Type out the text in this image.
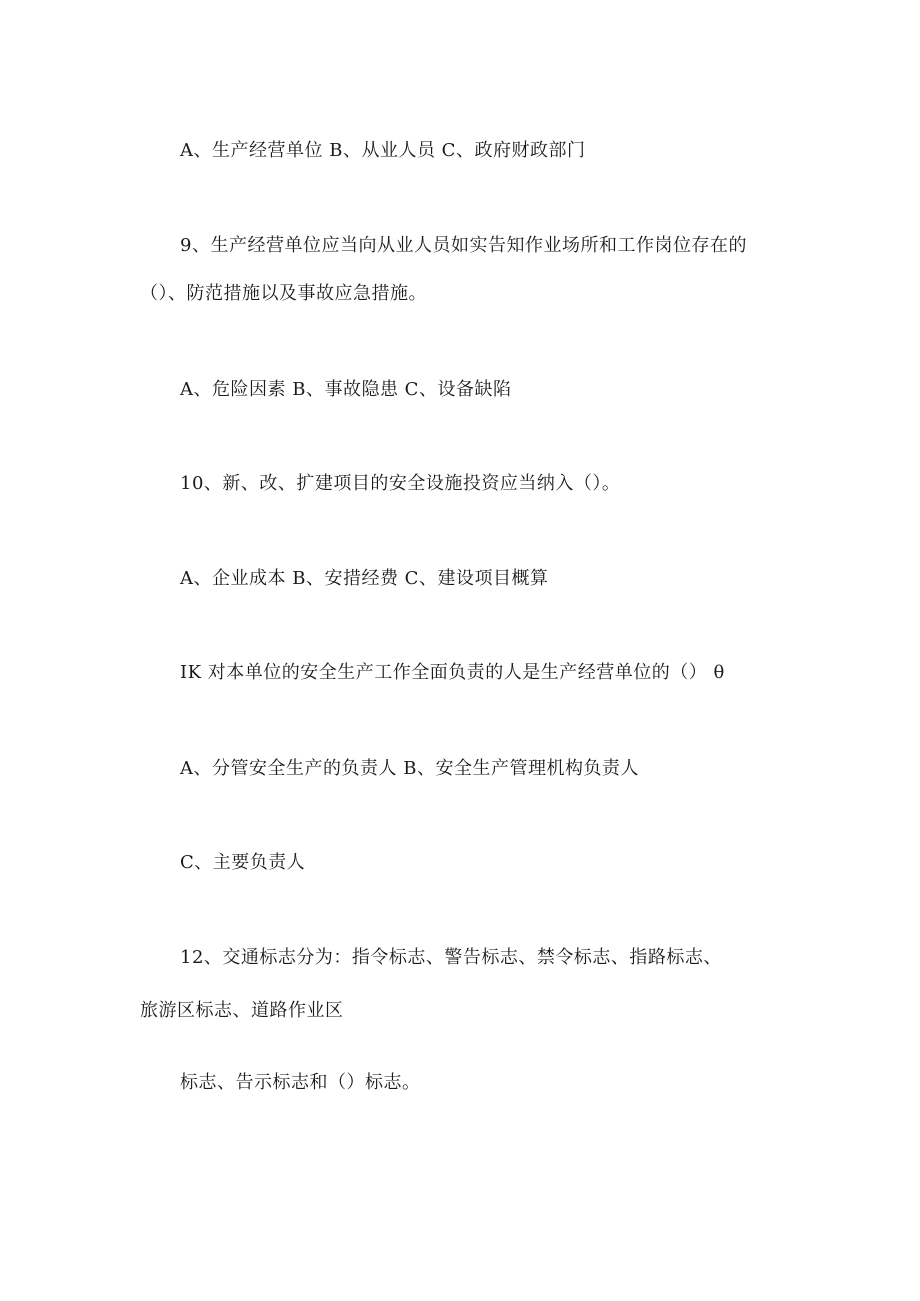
A、生产经营单位 B、从业人员 C、政府财政部门
9、生产经营单位应当向从业人员如实告知作业场所和工作岗位存在的
（）、防范措施以及事故应急措施。
A、危险因素 B、事故隐患 C、设备缺陷
10、新、改、扩建项目的安全设施投资应当纳入（）。
A、企业成本 B、安措经费 C、建设项目概算
IK 对本单位的安全生产工作全面负责的人是生产经营单位的（） θ
A、分管安全生产的负责人 B、安全生产管理机构负责人
C、主要负责人
12、交通标志分为：指令标志、警告标志、禁令标志、指路标志、
旅游区标志、道路作业区
标志、告示标志和（）标志。
